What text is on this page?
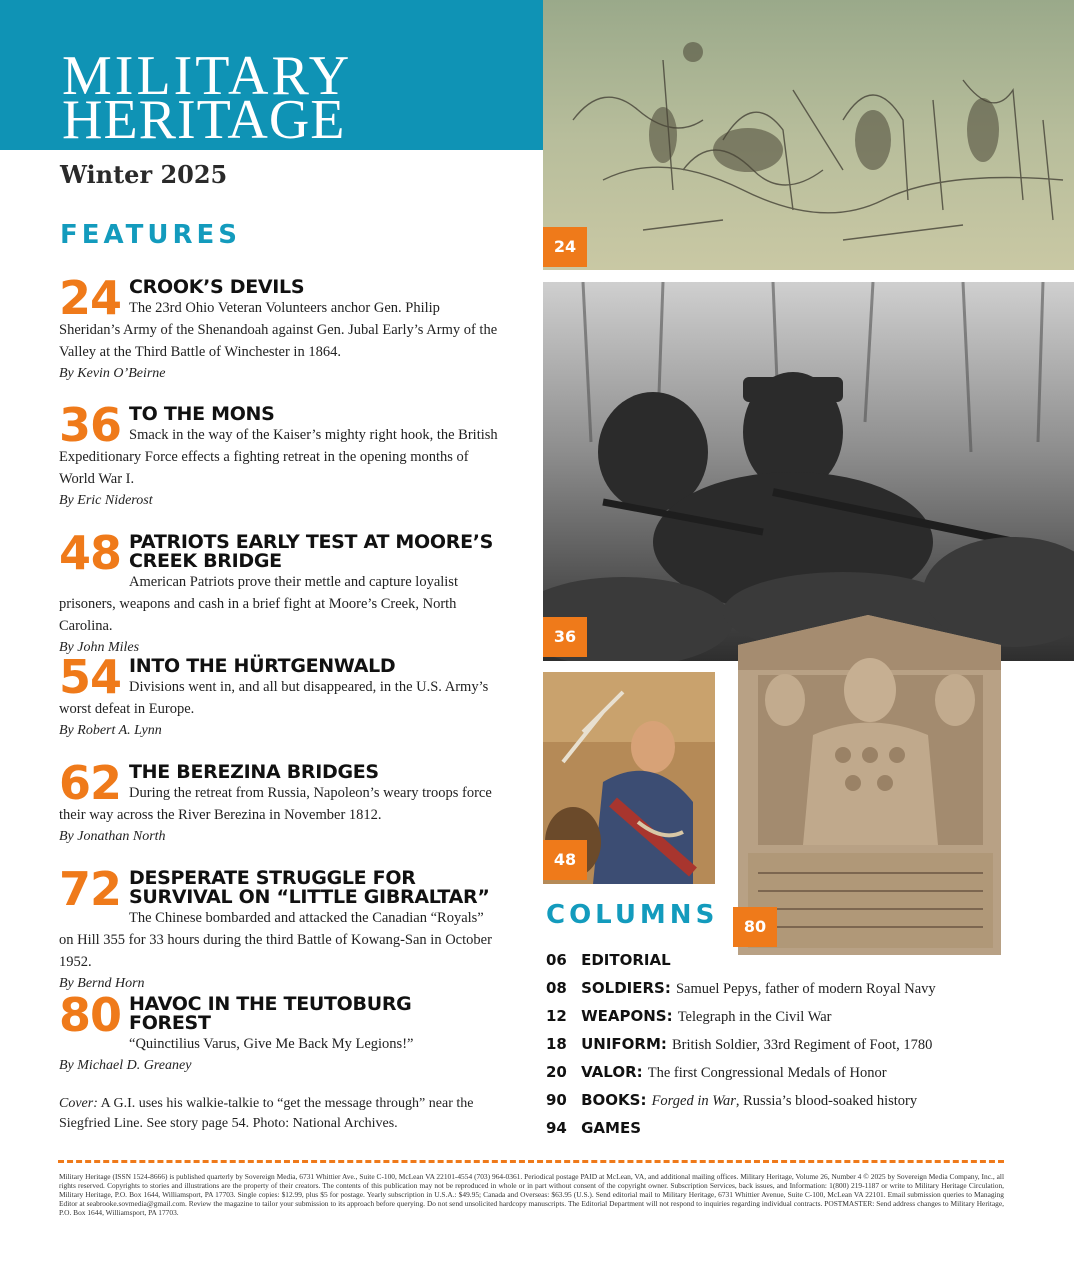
MILITARY
HERITAGE
Winter 2025
FEATURES
24 CROOK’S DEVILS
The 23rd Ohio Veteran Volunteers anchor Gen. Philip Sheridan’s Army of the Shenandoah against Gen. Jubal Early’s Army of the Valley at the Third Battle of Winchester in 1864.
By Kevin O’Beirne
36 TO THE MONS
Smack in the way of the Kaiser’s mighty right hook, the British Expeditionary Force effects a fighting retreat in the opening months of World War I.
By Eric Niderost
48 PATRIOTS EARLY TEST AT MOORE’S CREEK BRIDGE
American Patriots prove their mettle and capture loyalist prisoners, weapons and cash in a brief fight at Moore’s Creek, North Carolina.
By John Miles
54 INTO THE HÜRTGENWALD
Divisions went in, and all but disappeared, in the U.S. Army’s worst defeat in Europe.
By Robert A. Lynn
62 THE BEREZINA BRIDGES
During the retreat from Russia, Napoleon’s weary troops force their way across the River Berezina in November 1812.
By Jonathan North
72 DESPERATE STRUGGLE FOR SURVIVAL ON “LITTLE GIBRALTAR”
The Chinese bombarded and attacked the Canadian “Royals” on Hill 355 for 33 hours during the third Battle of Kowang-San in October 1952.
By Bernd Horn
80 HAVOC IN THE TEUTOBURG FOREST
“Quinctilius Varus, Give Me Back My Legions!”
By Michael D. Greaney
Cover: A G.I. uses his walkie-talkie to “get the message through” near the Siegfried Line. See story page 54. Photo: National Archives.
24
36
48
80
COLUMNS
06 EDITORIAL
08 SOLDIERS: Samuel Pepys, father of modern Royal Navy
12 WEAPONS: Telegraph in the Civil War
18 UNIFORM: British Soldier, 33rd Regiment of Foot, 1780
20 VALOR: The first Congressional Medals of Honor
90 BOOKS: Forged in War, Russia’s blood-soaked history
94 GAMES
Military Heritage (ISSN 1524-8666) is published quarterly by Sovereign Media, 6731 Whittier Ave., Suite C-100, McLean VA 22101-4554 (703) 964-0361. Periodical postage PAID at McLean, VA, and additional mailing offices. Military Heritage, Volume 26, Number 4 © 2025 by Sovereign Media Company, Inc., all rights reserved. Copyrights to stories and illustrations are the property of their creators. The contents of this publication may not be reproduced in whole or in part without consent of the copyright owner. Subscription Services, back issues, and Information: 1(800) 219-1187 or write to Military Heritage Circulation, Military Heritage, P.O. Box 1644, Williamsport, PA 17703. Single copies: $12.99, plus $5 for postage. Yearly subscription in U.S.A.: $49.95; Canada and Overseas: $63.95 (U.S.). Send editorial mail to Military Heritage, 6731 Whittier Avenue, Suite C-100, McLean VA 22101. Email submission queries to Managing Editor at seabrooke.sovmedia@gmail.com. Review the magazine to tailor your submission to its approach before querying. Do not send unsolicited hardcopy manuscripts. The Editorial Department will not respond to inquiries regarding individual contracts. POSTMASTER: Send address changes to Military Heritage, P.O. Box 1644, Williamsport, PA 17703.
